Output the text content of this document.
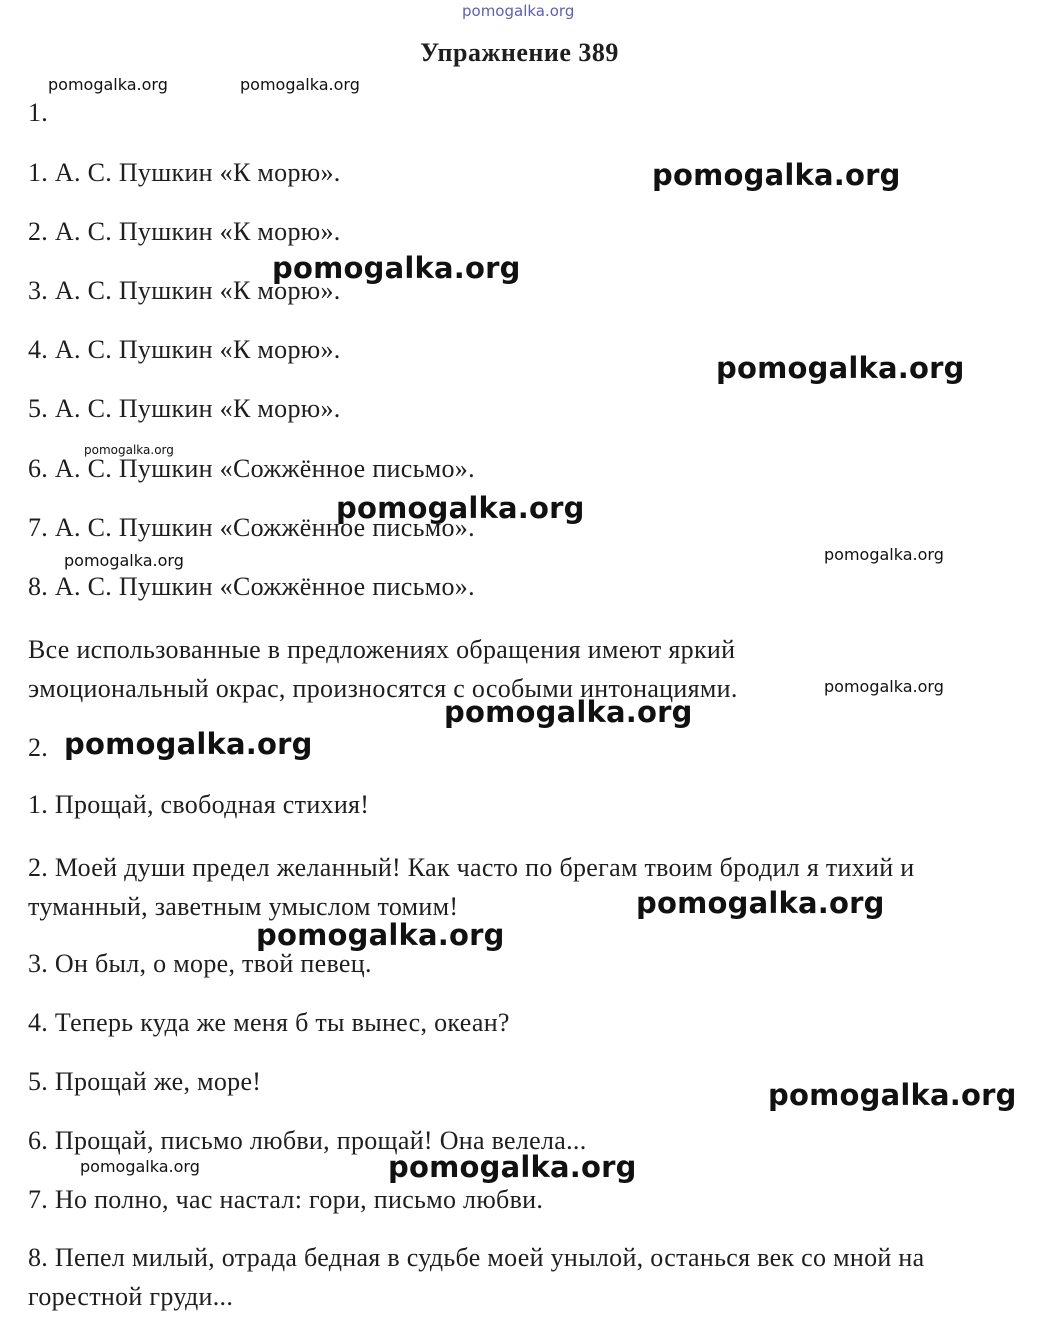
pomogalka.org
Упражнение 389
1.
1. А. С. Пушкин «К морю».
2. А. С. Пушкин «К морю».
3. А. С. Пушкин «К морю».
4. А. С. Пушкин «К морю».
5. А. С. Пушкин «К морю».
6. А. С. Пушкин «Сожжённое письмо».
7. А. С. Пушкин «Сожжённое письмо».
8. А. С. Пушкин «Сожжённое письмо».
Все использованные в предложениях обращения имеют яркий эмоциональный окрас, произносятся с особыми интонациями.
2.
1. Прощай, свободная стихия!
2. Моей души предел желанный! Как часто по брегам твоим бродил я тихий и туманный, заветным умыслом томим!
3. Он был, о море, твой певец.
4. Теперь куда же меня б ты вынес, океан?
5. Прощай же, море!
6. Прощай, письмо любви, прощай! Она велела...
7. Но полно, час настал: гори, письмо любви.
8. Пепел милый, отрада бедная в судьбе моей унылой, останься век со мной на горестной груди...
pomogalka.org	pomogalka.org
pomogalka.org
pomogalka.org
pomogalka.org
pomogalka.org
pomogalka.org
pomogalka.org	pomogalka.org
pomogalka.org
pomogalka.org
pomogalka.org
pomogalka.org
pomogalka.org
pomogalka.org
pomogalka.org	pomogalka.org
